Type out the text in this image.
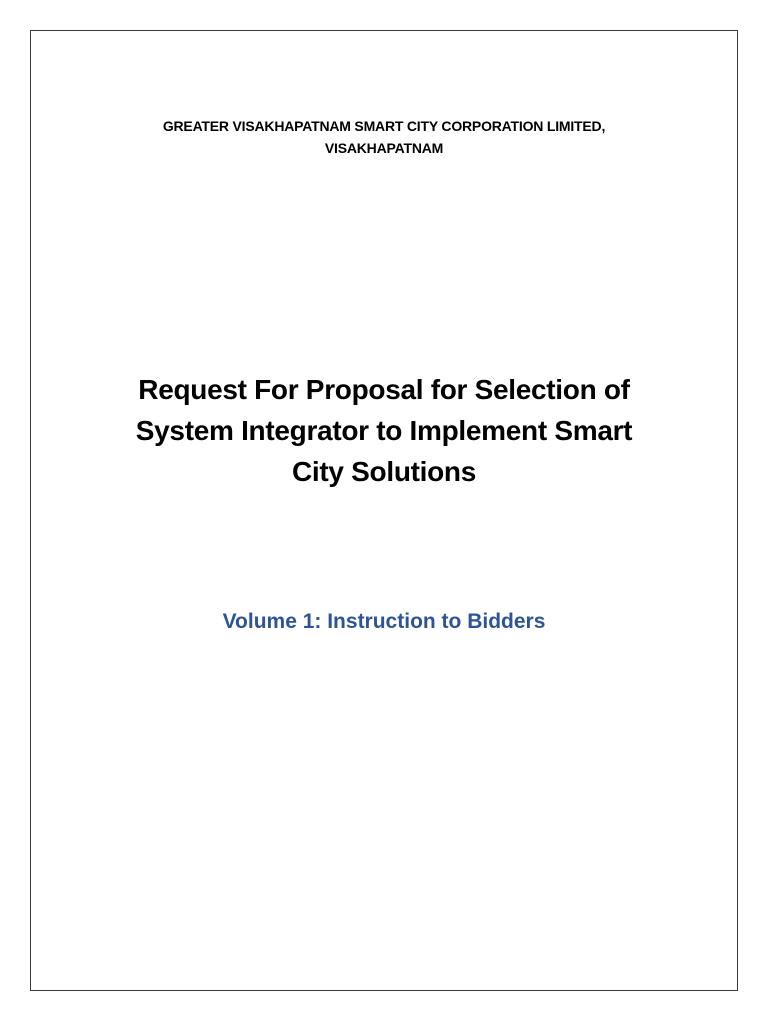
GREATER VISAKHAPATNAM SMART CITY CORPORATION LIMITED,
VISAKHAPATNAM
Request For Proposal for Selection of
System Integrator to Implement Smart
City Solutions
Volume 1: Instruction to Bidders
